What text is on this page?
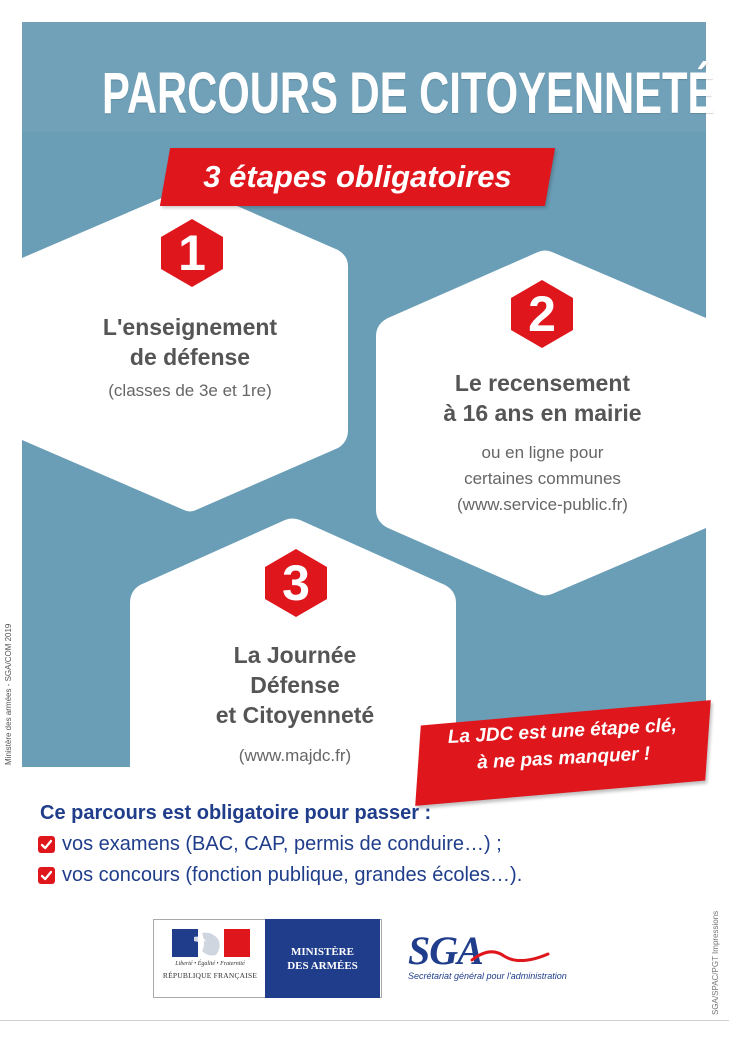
PARCOURS DE CITOYENNETÉ
3 étapes obligatoires
1
2
3
L'enseignement
de défense
(classes de 3e et 1re)	Le recensement
à 16 ans en mairie
ou en ligne pour
certaines communes
(www.service-public.fr)
La Journée
Défense
et Citoyenneté
(www.majdc.fr)
La JDC est une étape clé,
à ne pas manquer !
Ministère des armées - SGA/COM 2019
SGA/SPAC/PGT Impressions
Ce parcours est obligatoire pour passer :
vos examens (BAC, CAP, permis de conduire…) ;
vos concours (fonction publique, grandes écoles…).
Liberté • Égalité • Fraternité
RÉPUBLIQUE FRANÇAISE
MINISTÈRE
DES ARMÉES SGA
Secrétariat général pour l'administration
